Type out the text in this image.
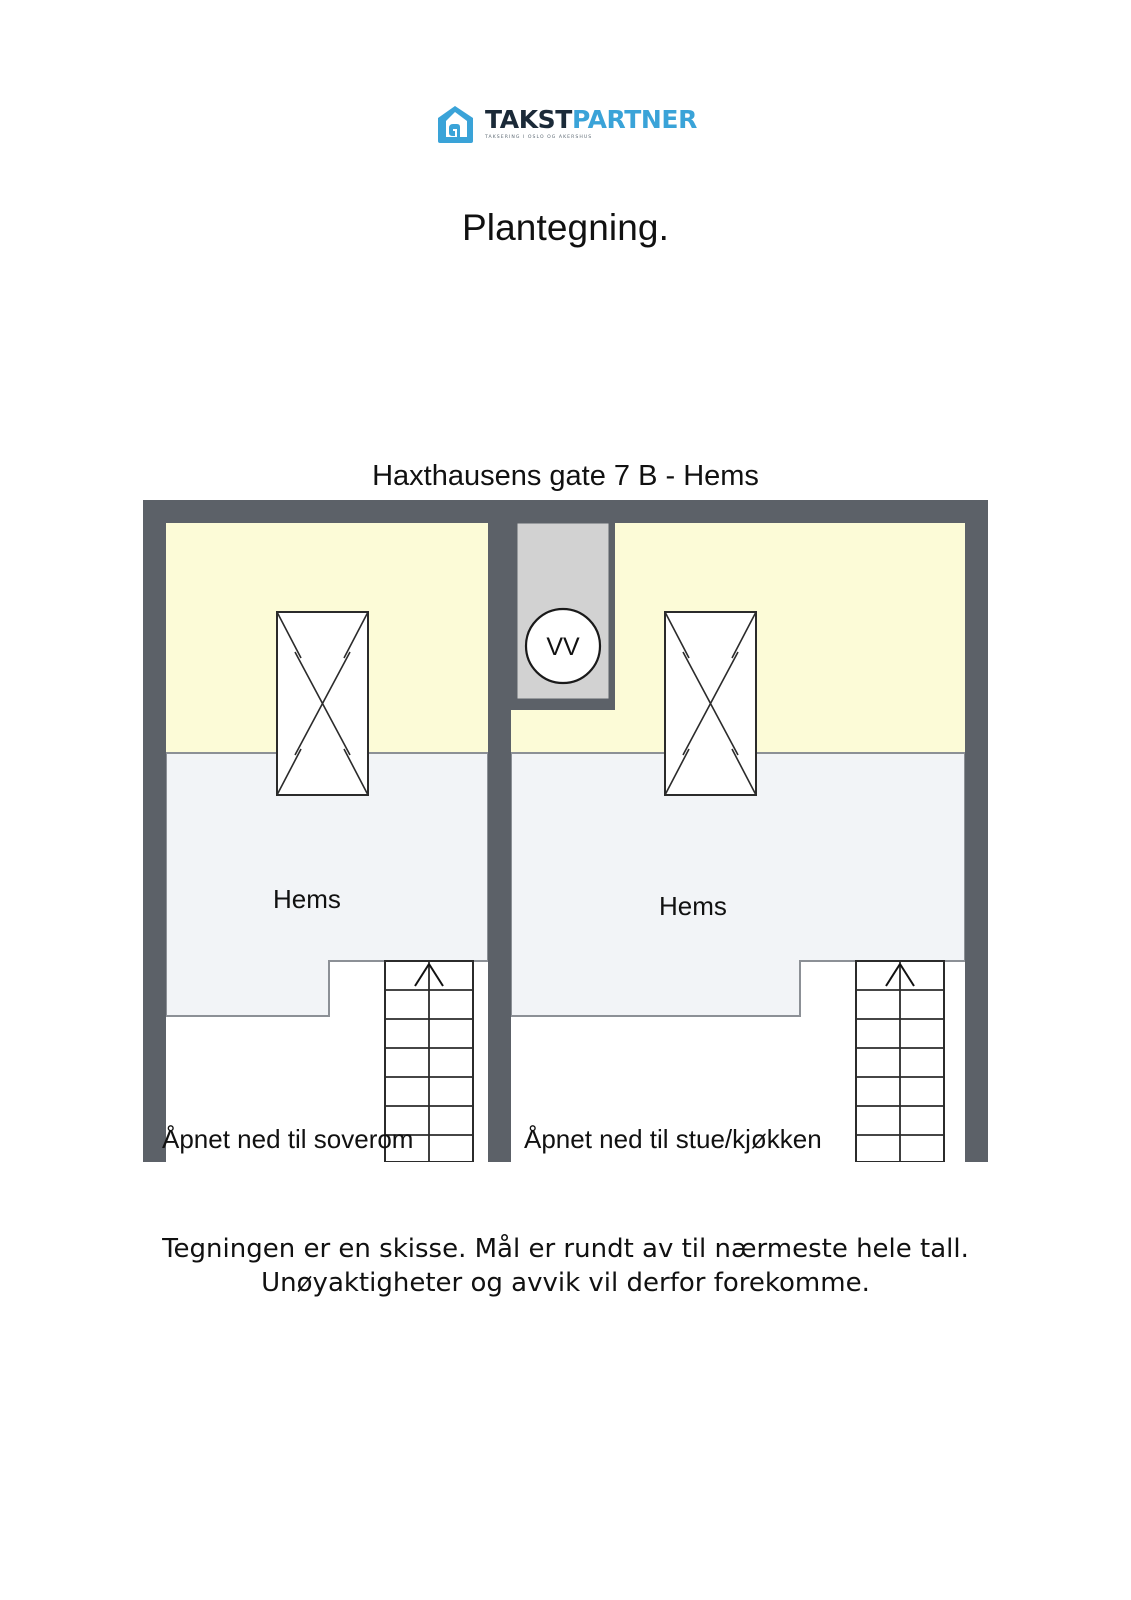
TAKSTPARTNER
TAKSERING I OSLO OG AKERSHUS
Plantegning.
Haxthausens gate 7 B - Hems
VV
Hems	Hems
Åpnet ned til soverom	Åpnet ned til stue/kjøkken
Tegningen er en skisse. Mål er rundt av til nærmeste hele tall.
Unøyaktigheter og avvik vil derfor forekomme.
